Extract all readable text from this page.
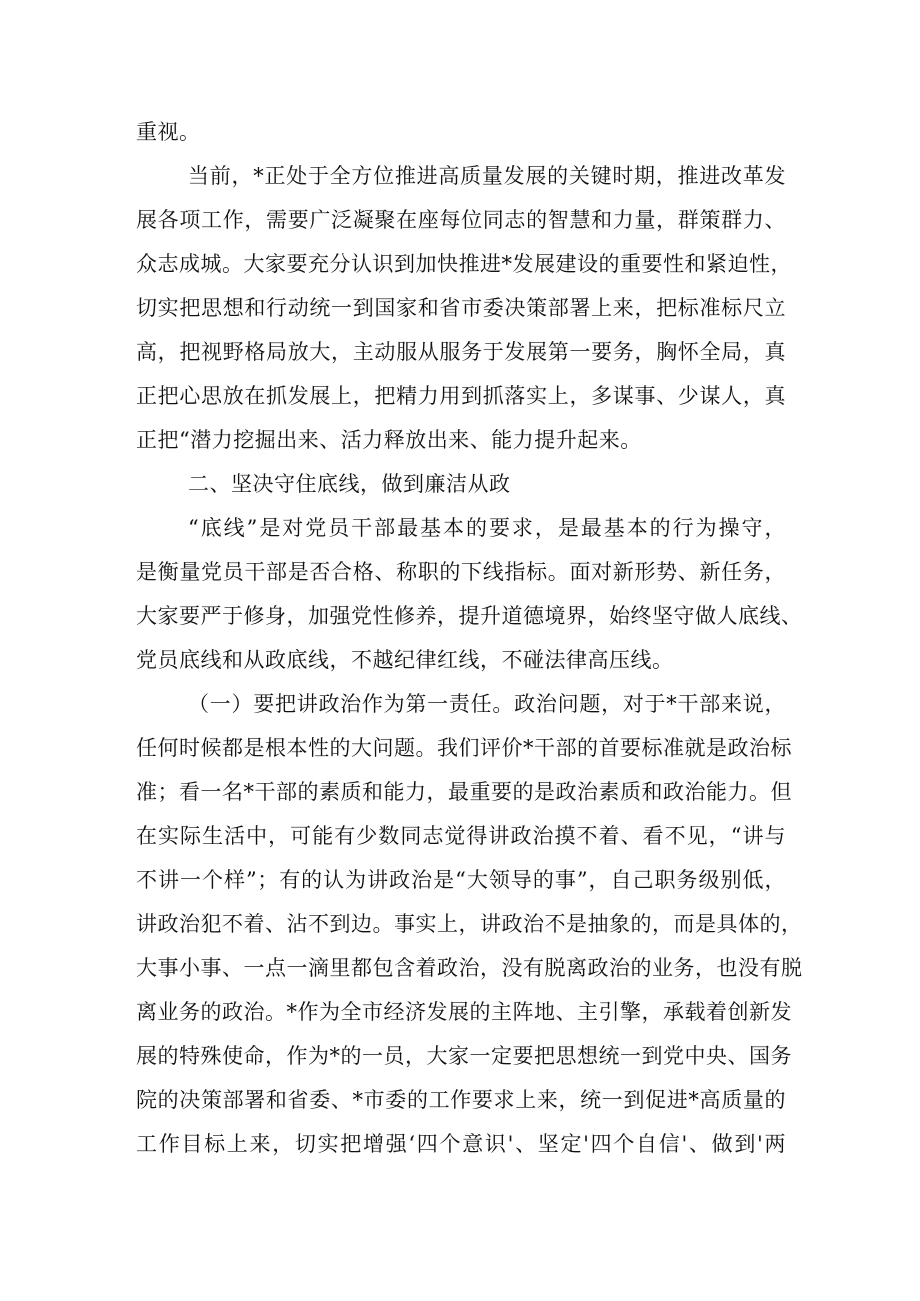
重视。
当前，*正处于全方位推进高质量发展的关键时期，推进改革发
展各项工作，需要广泛凝聚在座每位同志的智慧和力量，群策群力、
众志成城。大家要充分认识到加快推进*发展建设的重要性和紧迫性，
切实把思想和行动统一到国家和省市委决策部署上来，把标准标尺立
高，把视野格局放大，主动服从服务于发展第一要务，胸怀全局，真
正把心思放在抓发展上，把精力用到抓落实上，多谋事、少谋人，真
正把“潜力挖掘出来、活力释放出来、能力提升起来。
二、坚决守住底线，做到廉洁从政
“底线”是对党员干部最基本的要求，是最基本的行为操守，
是衡量党员干部是否合格、称职的下线指标。面对新形势、新任务，
大家要严于修身，加强党性修养，提升道德境界，始终坚守做人底线、
党员底线和从政底线，不越纪律红线，不碰法律高压线。
（一）要把讲政治作为第一责任。政治问题，对于*干部来说，
任何时候都是根本性的大问题。我们评价*干部的首要标准就是政治标
准；看一名*干部的素质和能力，最重要的是政治素质和政治能力。但
在实际生活中，可能有少数同志觉得讲政治摸不着、看不见，“讲与
不讲一个样”；有的认为讲政治是“大领导的事”，自己职务级别低，
讲政治犯不着、沾不到边。事实上，讲政治不是抽象的，而是具体的，
大事小事、一点一滴里都包含着政治，没有脱离政治的业务，也没有脱
离业务的政治。*作为全市经济发展的主阵地、主引擎，承载着创新发
展的特殊使命，作为*的一员，大家一定要把思想统一到党中央、国务
院的决策部署和省委、*市委的工作要求上来，统一到促进*高质量的
工作目标上来，切实把增强‘四个意识'、坚定'四个自信'、做到'两
